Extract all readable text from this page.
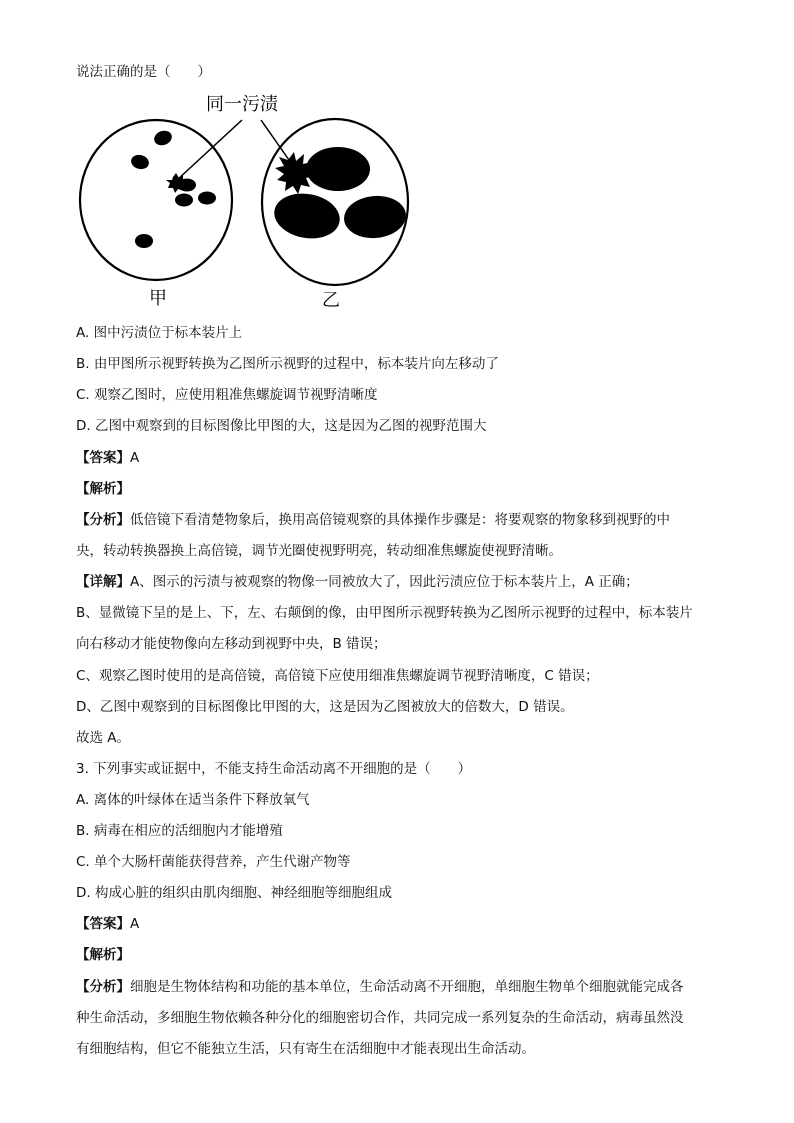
说法正确的是（　　）
同一污渍
甲	乙
A. 图中污渍位于标本装片上
B. 由甲图所示视野转换为乙图所示视野的过程中，标本装片向左移动了
C. 观察乙图时，应使用粗准焦螺旋调节视野清晰度
D. 乙图中观察到的目标图像比甲图的大，这是因为乙图的视野范围大
【答案】A
【解析】
【分析】低倍镜下看清楚物象后，换用高倍镜观察的具体操作步骤是：将要观察的物象移到视野的中
央，转动转换器换上高倍镜，调节光圈使视野明亮，转动细准焦螺旋使视野清晰。
【详解】A、图示的污渍与被观察的物像一同被放大了，因此污渍应位于标本装片上，A 正确；
B、显微镜下呈的是上、下，左、右颠倒的像，由甲图所示视野转换为乙图所示视野的过程中，标本装片
向右移动才能使物像向左移动到视野中央，B 错误；
C、观察乙图时使用的是高倍镜，高倍镜下应使用细准焦螺旋调节视野清晰度，C 错误；
D、乙图中观察到的目标图像比甲图的大，这是因为乙图被放大的倍数大，D 错误。
故选 A。
3. 下列事实或证据中，不能支持生命活动离不开细胞的是（　　）
A. 离体的叶绿体在适当条件下释放氧气
B. 病毒在相应的活细胞内才能增殖
C. 单个大肠杆菌能获得营养，产生代谢产物等
D. 构成心脏的组织由肌肉细胞、神经细胞等细胞组成
【答案】A
【解析】
【分析】细胞是生物体结构和功能的基本单位，生命活动离不开细胞，单细胞生物单个细胞就能完成各
种生命活动，多细胞生物依赖各种分化的细胞密切合作，共同完成一系列复杂的生命活动，病毒虽然没
有细胞结构，但它不能独立生活，只有寄生在活细胞中才能表现出生命活动。
